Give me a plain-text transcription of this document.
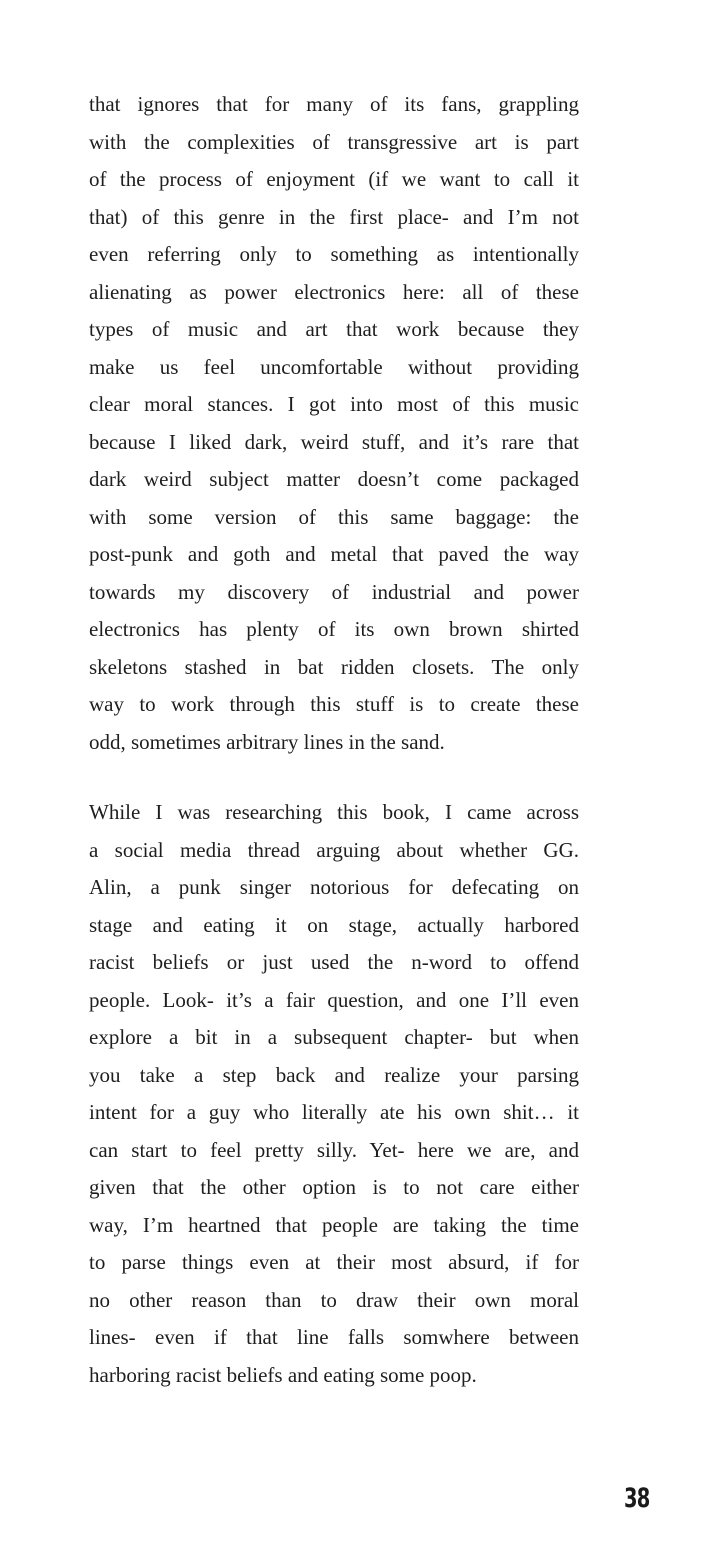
that ignores that for many of its fans, grappling
with the complexities of transgressive art is part
of the process of enjoyment (if we want to call it
that) of this genre in the first place- and I’m not
even referring only to something as intentionally
alienating as power electronics here: all of these
types of music and art that work because they
make us feel uncomfortable without providing
clear moral stances. I got into most of this music
because I liked dark, weird stuff, and it’s rare that
dark weird subject matter doesn’t come packaged
with some version of this same baggage: the
post-punk and goth and metal that paved the way
towards my discovery of industrial and power
electronics has plenty of its own brown shirted
skeletons stashed in bat ridden closets. The only
way to work through this stuff is to create these
odd, sometimes arbitrary lines in the sand.
While I was researching this book, I came across
a social media thread arguing about whether GG.
Alin, a punk singer notorious for defecating on
stage and eating it on stage, actually harbored
racist beliefs or just used the n-word to offend
people. Look- it’s a fair question, and one I’ll even
explore a bit in a subsequent chapter- but when
you take a step back and realize your parsing
intent for a guy who literally ate his own shit… it
can start to feel pretty silly. Yet- here we are, and
given that the other option is to not care either
way, I’m heartned that people are taking the time
to parse things even at their most absurd, if for
no other reason than to draw their own moral
lines- even if that line falls somwhere between
harboring racist beliefs and eating some poop.
38
